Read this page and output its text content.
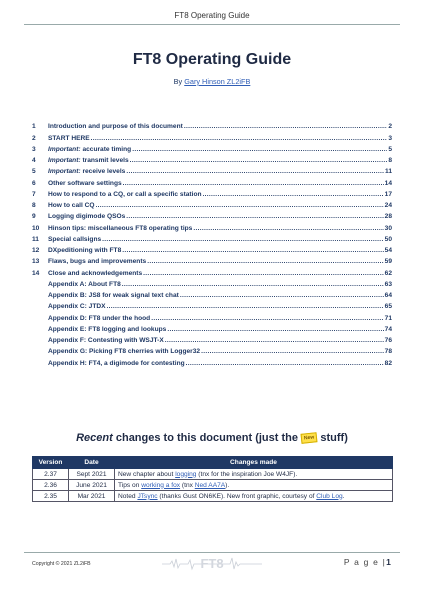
FT8 Operating Guide
FT8 Operating Guide
By Gary Hinson ZL2iFB
1	Introduction and purpose of this document .....	2
2	START HERE .....	3
3	Important: accurate timing .....	5
4	Important: transmit levels .....	8
5	Important: receive levels .....	11
6	Other software settings .....	14
7	How to respond to a CQ, or call a specific station .....	17
8	How to call CQ .....	24
9	Logging digimode QSOs .....	28
10	Hinson tips: miscellaneous FT8 operating tips .....	30
11	Special callsigns .....	50
12	DXpeditioning with FT8 .....	54
13	Flaws, bugs and improvements .....	59
14	Close and acknowledgements .....	62
Appendix A: About FT8 .....	63
Appendix B: JS8 for weak signal text chat .....	64
Appendix C: JTDX .....	65
Appendix D: FT8 under the hood .....	71
Appendix E: FT8 logging and lookups .....	74
Appendix F: Contesting with WSJT-X .....	76
Appendix G: Picking FT8 cherries with Logger32 .....	78
Appendix H: FT4, a digimode for contesting .....	82
Recent changes to this document (just the New stuff)
Version	Date	Changes made
2.37	Sept 2021	New chapter about logging (tnx for the inspiration Joe W4JF).
2.36	June 2021	Tips on working a fox (tnx Ned AA7A).
2.35	Mar 2021	Noted JTsync (thanks Gust ON6KE). New front graphic, courtesy of Club Log.
Copyright © 2021 ZL2iFB	FT8	P a g e |1
